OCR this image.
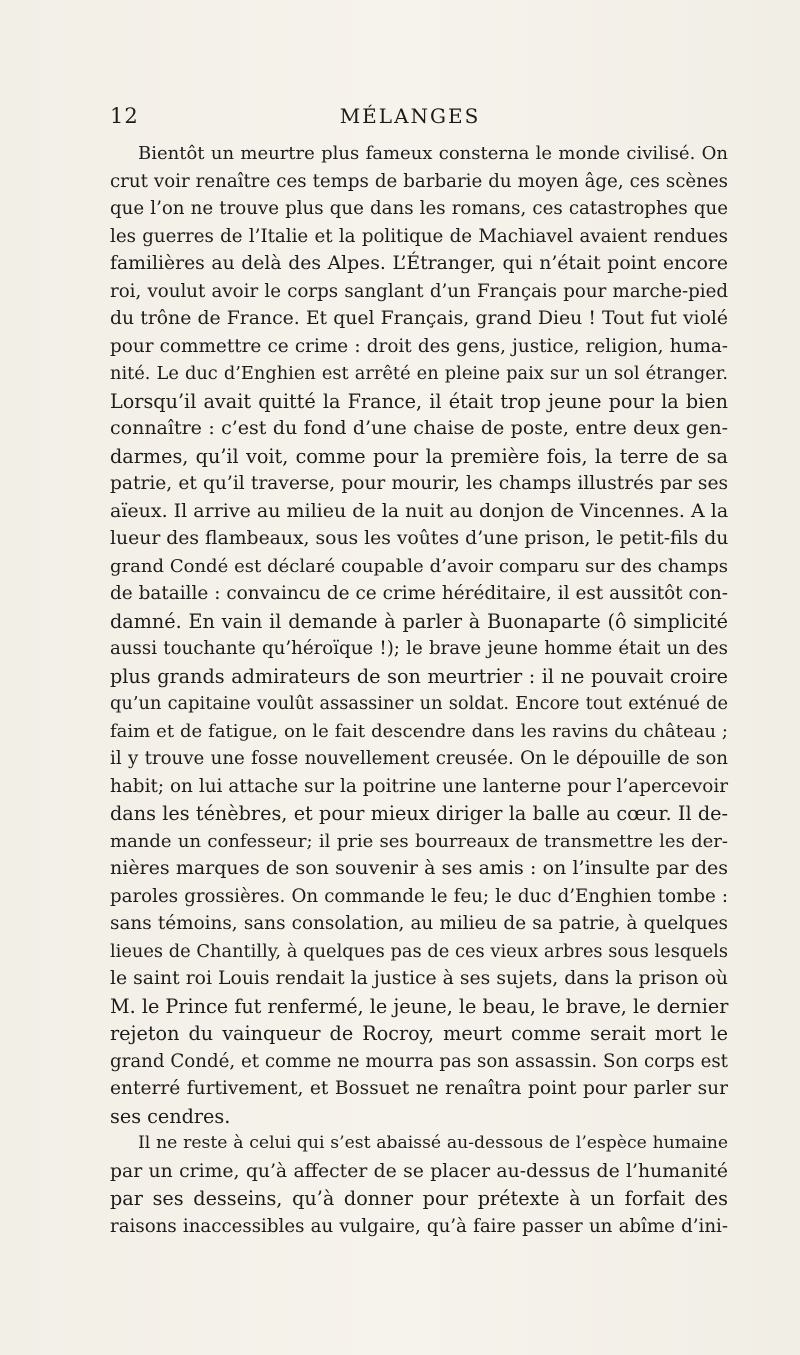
12	MÉLANGES
Bientôt un meurtre plus fameux consterna le monde civilisé. On
crut voir renaître ces temps de barbarie du moyen âge, ces scènes
que l’on ne trouve plus que dans les romans, ces catastrophes que
les guerres de l’Italie et la politique de Machiavel avaient rendues
familières au delà des Alpes. L’Étranger, qui n’était point encore
roi, voulut avoir le corps sanglant d’un Français pour marche-pied
du trône de France. Et quel Français, grand Dieu ! Tout fut violé
pour commettre ce crime : droit des gens, justice, religion, huma-
nité. Le duc d’Enghien est arrêté en pleine paix sur un sol étranger.
Lorsqu’il avait quitté la France, il était trop jeune pour la bien
connaître : c’est du fond d’une chaise de poste, entre deux gen-
darmes, qu’il voit, comme pour la première fois, la terre de sa
patrie, et qu’il traverse, pour mourir, les champs illustrés par ses
aïeux. Il arrive au milieu de la nuit au donjon de Vincennes. A la
lueur des flambeaux, sous les voûtes d’une prison, le petit-fils du
grand Condé est déclaré coupable d’avoir comparu sur des champs
de bataille : convaincu de ce crime héréditaire, il est aussitôt con-
damné. En vain il demande à parler à Buonaparte (ô simplicité
aussi touchante qu’héroïque !); le brave jeune homme était un des
plus grands admirateurs de son meurtrier : il ne pouvait croire
qu’un capitaine voulût assassiner un soldat. Encore tout exténué de
faim et de fatigue, on le fait descendre dans les ravins du château ;
il y trouve une fosse nouvellement creusée. On le dépouille de son
habit; on lui attache sur la poitrine une lanterne pour l’apercevoir
dans les ténèbres, et pour mieux diriger la balle au cœur. Il de-
mande un confesseur; il prie ses bourreaux de transmettre les der-
nières marques de son souvenir à ses amis : on l’insulte par des
paroles grossières. On commande le feu; le duc d’Enghien tombe :
sans témoins, sans consolation, au milieu de sa patrie, à quelques
lieues de Chantilly, à quelques pas de ces vieux arbres sous lesquels
le saint roi Louis rendait la justice à ses sujets, dans la prison où
M. le Prince fut renfermé, le jeune, le beau, le brave, le dernier
rejeton du vainqueur de Rocroy, meurt comme serait mort le
grand Condé, et comme ne mourra pas son assassin. Son corps est
enterré furtivement, et Bossuet ne renaîtra point pour parler sur
ses cendres.
Il ne reste à celui qui s’est abaissé au-dessous de l’espèce humaine
par un crime, qu’à affecter de se placer au-dessus de l’humanité
par ses desseins, qu’à donner pour prétexte à un forfait des
raisons inaccessibles au vulgaire, qu’à faire passer un abîme d’ini-
